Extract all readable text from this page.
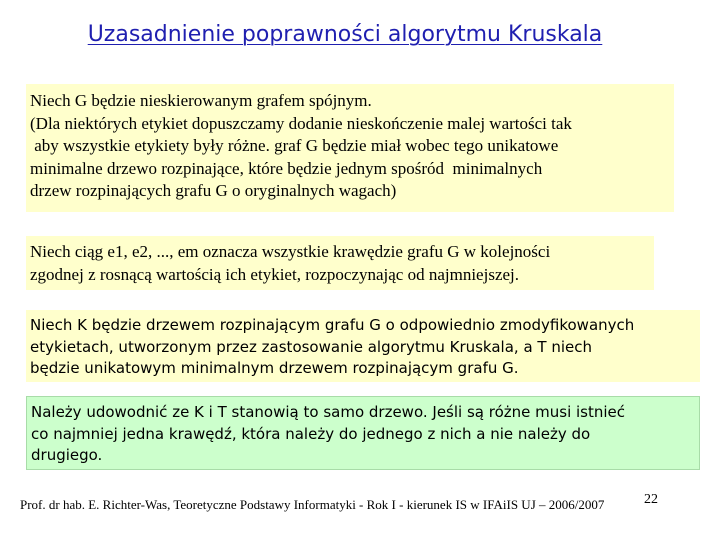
Uzasadnienie poprawności algorytmu Kruskala
Niech G będzie nieskierowanym grafem spójnym.
(Dla niektórych etykiet dopuszczamy dodanie nieskończenie malej wartości tak
aby wszystkie etykiety były różne. graf G będzie miał wobec tego unikatowe
minimalne drzewo rozpinające, które będzie jednym spośród  minimalnych
drzew rozpinających grafu G o oryginalnych wagach)
Niech ciąg e1, e2, ..., em oznacza wszystkie krawędzie grafu G w kolejności
zgodnej z rosnącą wartością ich etykiet, rozpoczynając od najmniejszej.
Niech K będzie drzewem rozpinającym grafu G o odpowiednio zmodyfikowanych
etykietach, utworzonym przez zastosowanie algorytmu Kruskala, a T niech
będzie unikatowym minimalnym drzewem rozpinającym grafu G.
Należy udowodnić ze K i T stanowią to samo drzewo. Jeśli są różne musi istnieć
co najmniej jedna krawędź, która należy do jednego z nich a nie należy do
drugiego.
Prof. dr hab. E. Richter-Was, Teoretyczne Podstawy Informatyki - Rok I - kierunek IS w IFAiIS UJ – 2006/2007	22
